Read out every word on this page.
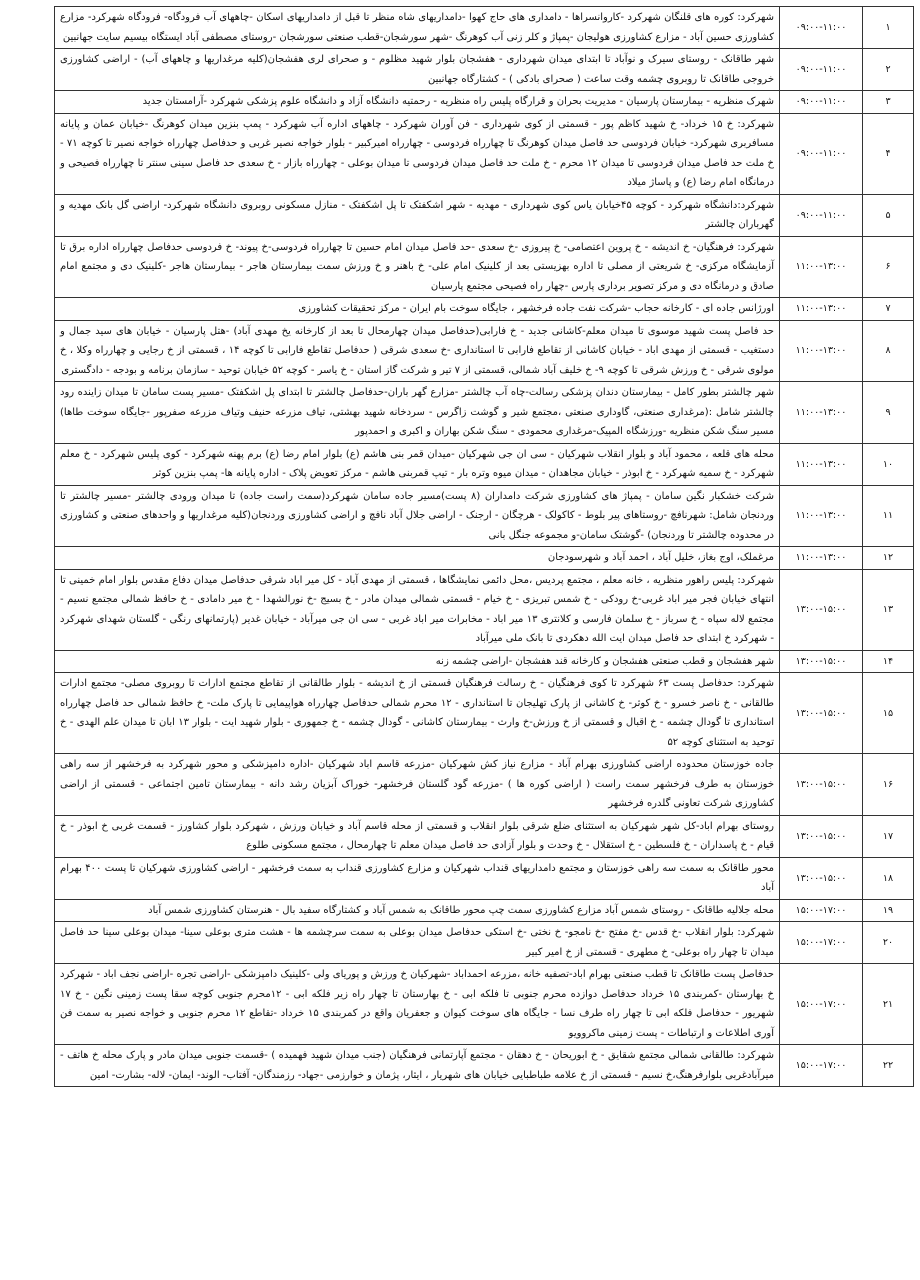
۱	۰۹:۰۰-۱۱:۰۰	شهرکرد: کوره های قلنگان شهرکرد -کاروانسراها - دامداری های حاج کهوا -دامداریهای شاه منظر تا قبل از دامداریهای اسکان -چاههای آب فرودگاه- فرودگاه شهرکرد- مزارع کشاورزی حسین آباد - مزارع کشاورزی هولیجان -پمپاژ و کلر زنی آب کوهرنگ -شهر سورشجان-قطب صنعتی سورشجان -روستای مصطفی آباد ایستگاه بیسیم سایت جهانبین
۲	۰۹:۰۰-۱۱:۰۰	شهر طاقانک - روستای سیرک و نوآباد تا ابتدای میدان شهرداری - هفشجان بلوار شهید مظلوم - و صحرای لری هفشجان(کلیه مرغداریها و چاههای آب) - اراضی کشاورزی خروجی طاقانک تا روبروی چشمه وقت ساعت ( صحرای بادکی ) - کشتارگاه جهانبین
۳	۰۹:۰۰-۱۱:۰۰	شهرک منظریه - بیمارستان پارسیان - مدیریت بحران و قرارگاه پلیس راه منظریه - رحمتیه دانشگاه آزاد و دانشگاه علوم پزشکی شهرکرد -آرامستان جدید
۴	۰۹:۰۰-۱۱:۰۰	شهرکرد: خ ۱۵ خرداد- خ شهید کاظم پور - قسمتی از کوی شهرداری - فن آوران شهرکرد - چاههای اداره آب شهرکرد - پمپ بنزین میدان کوهرنگ -خیابان عمان و پایانه مسافربری شهرکرد- خیابان فردوسی حد فاصل میدان کوهرنگ تا چهارراه فردوسی - چهارراه امیرکبیر - بلوار خواجه نصیر غربی و حدفاصل چهارراه خواجه نصیر تا کوچه ۷۱ - خ ملت حد فاصل میدان فردوسی تا میدان ۱۲ محرم - خ ملت حد فاصل میدان فردوسی تا میدان بوعلی - چهارراه بازار - خ سعدی حد فاصل سینی سنتر تا چهارراه فصیحی و درمانگاه امام رضا (ع) و پاساژ میلاد
۵	۰۹:۰۰-۱۱:۰۰	شهرکرد:دانشگاه شهرکرد - کوچه ۴۵خیابان یاس کوی شهرداری - مهدیه - شهر اشکفتک تا پل اشکفتک - منازل مسکونی روبروی دانشگاه شهرکرد- اراضی گل بانک مهدیه و گهرباران چالشتر
۶	۱۱:۰۰-۱۳:۰۰	شهرکرد: فرهنگیان- خ اندیشه - خ پروین اعتصامی- خ پیروزی -خ سعدی -حد فاصل میدان امام حسین تا چهارراه فردوسی-خ پیوند- خ فردوسی حدفاصل چهارراه اداره برق تا آزمایشگاه مرکزی- خ شریعتی از مصلی تا اداره بهزیستی بعد از کلینیک امام علی- خ باهنر و خ ورزش سمت بیمارستان هاجر - بیمارستان هاجر -کلینیک دی و مجتمع امام صادق و درمانگاه دی و مرکز تصویر برداری پارس -چهار راه فصیحی مجتمع پارسیان
۷	۱۱:۰۰-۱۳:۰۰	اورژانس جاده ای - کارخانه حجاب -شرکت نفت جاده فرخشهر ، جایگاه سوخت بام ایران - مرکز تحقیقات کشاورزی
۸	۱۱:۰۰-۱۳:۰۰	حد فاصل پست شهید موسوی تا میدان معلم-کاشانی جدید - خ فارابی(حدفاصل میدان چهارمحال تا بعد از کارخانه یخ مهدی آباد) -هتل پارسیان - خیابان های سید جمال و دستغیب - قسمتی از مهدی اباد - خیابان کاشانی از تقاطع فارابی تا استانداری -خ سعدی شرقی ( حدفاصل تقاطع فارابی تا کوچه ۱۴ ، قسمتی از خ رجایی و چهارراه وکلا ، خ مولوی شرقی - خ ورزش شرقی تا کوچه ۹- خ خلیف آباد شمالی، قسمتی از ۷ تیر و شرکت گاز استان - خ یاسر - کوچه ۵۲ خیابان توحید - سازمان برنامه و بودجه - دادگستری
۹	۱۱:۰۰-۱۳:۰۰	شهر چالشتر بطور کامل - بیمارستان دندان پزشکی رسالت-چاه آب چالشتر -مزارع گهر باران-حدفاصل چالشتر تا ابتدای پل اشکفتک -مسیر پست سامان تا میدان زاینده رود چالشتر شامل :(مرغداری صنعتی، گاوداری صنعتی ،مجتمع شیر و گوشت زاگرس - سردخانه شهید بهشتی، تیاف مزرعه حنیف وتیاف مزرعه صفرپور -جایگاه سوخت طاها) مسیر سنگ شکن منظریه -ورزشگاه المپیک-مرغداری محمودی - سنگ شکن بهاران و اکبری و احمدپور
۱۰	۱۱:۰۰-۱۳:۰۰	محله های قلعه ، محمود آباد و بلوار انقلاب شهرکیان - سی ان جی شهرکیان -میدان قمر بنی هاشم (ع) بلوار امام رضا (ع) برم پهنه شهرکرد - کوی پلیس شهرکرد - خ معلم شهرکرد - خ سمیه شهرکرد - خ ابوذر - خیابان مجاهدان - میدان میوه وتره بار - تیپ قمربنی هاشم - مرکز تعویض پلاک - اداره پایانه ها- پمپ بنزین کوثر
۱۱	۱۱:۰۰-۱۳:۰۰	شرکت خشکبار نگین سامان - پمپاژ های کشاورزی شرکت دامداران (۸ پست)مسیر جاده سامان شهرکرد(سمت راست جاده) تا میدان ورودی چالشتر -مسیر چالشتر تا وردنجان شامل: شهرنافچ -روستاهای پیر بلوط - کاکولک - هرچگان - ارجنک - اراضی جلال آباد نافچ و اراضی کشاورزی وردنجان(کلیه مرغداریها و واحدهای صنعتی و کشاورزی در محدوده چالشتر تا وردنجان) -گوشتک سامان-و مجموعه جنگل بانی
۱۲	۱۱:۰۰-۱۳:۰۰	مرغملک، اوج بغاز، خلیل آباد ، احمد آباد و شهرسودجان
۱۳	۱۳:۰۰-۱۵:۰۰	شهرکرد: پلیس راهور منظریه ، خانه معلم ، مجتمع پردیس ،محل دائمی نمایشگاها ، قسمتی از مهدی آباد - کل میر اباد شرقی حدفاصل میدان دفاع مقدس بلوار امام خمینی تا انتهای خیابان فجر میر اباد غربی-خ رودکی - خ شمس تبریزی - خ خیام - قسمتی شمالی میدان مادر - خ بسیج -خ نورالشهدا - خ میر دامادی - خ حافظ شمالی مجتمع نسیم - مجتمع لاله سپاه - خ سرباز - خ سلمان فارسی و کلانتری ۱۳ میر اباد - مخابرات میر اباد غربی - سی ان جی میرآباد - خیابان غدیر (پارتمانهای رنگی - گلستان شهدای شهرکرد - شهرکرد خ ابتدای حد فاصل میدان ایت الله دهکردی تا بانک ملی میرآباد
۱۴	۱۳:۰۰-۱۵:۰۰	شهر هفشجان و قطب صنعتی هفشجان و کارخانه قند هفشجان -اراضی چشمه زنه
۱۵	۱۳:۰۰-۱۵:۰۰	شهرکرد: حدفاصل پست ۶۳ شهرکرد تا کوی فرهنگیان - خ رسالت فرهنگیان قسمتی از خ اندیشه - بلوار طالقانی از تقاطع مجتمع ادارات تا روبروی مصلی- مجتمع ادارات طالقانی - خ ناصر خسرو - خ کوثر- خ کاشانی از پارک تهلیجان تا استانداری - ۱۲ محرم شمالی حدفاصل چهارراه هواپیمایی تا پارک ملت- خ حافظ شمالی حد فاصل چهارراه استانداری تا گودال چشمه - خ اقبال و قسمتی از خ ورزش-خ وارث - بیمارستان کاشانی - گودال چشمه - خ جمهوری - بلوار شهید ایت - بلوار ۱۳ ابان تا میدان علم الهدی - خ توحید به استثنای کوچه ۵۲
۱۶	۱۳:۰۰-۱۵:۰۰	جاده خوزستان محدوده اراضی کشاورزی بهرام آباد - مزارع نیاز کش شهرکیان -مزرعه قاسم اباد شهرکیان -اداره دامپزشکی و محور شهرکرد به فرخشهر از سه راهی خوزستان به طرف فرخشهر سمت راست ( اراضی کوره ها ) -مزرعه گود گلستان فرخشهر- خوراک آبزیان رشد دانه - بیمارستان تامین اجتماعی - قسمتی از اراضی کشاورزی شرکت تعاونی گلدره فرخشهر
۱۷	۱۳:۰۰-۱۵:۰۰	روستای بهرام اباد-کل شهر شهرکیان به استثنای ضلع شرقی بلوار انقلاب و قسمتی از محله قاسم آباد و خیابان ورزش ، شهرکرد بلوار کشاورز - قسمت غربی خ ابوذر - خ قیام - خ پاسداران - خ فلسطین - خ استقلال - خ وحدت و بلوار آزادی حد فاصل میدان معلم تا چهارمحال ، مجتمع مسکونی طلوع
۱۸	۱۳:۰۰-۱۵:۰۰	محور طاقانک به سمت سه راهی خوزستان و مجتمع دامداریهای قنداب شهرکیان و مزارع کشاورزی قنداب به سمت فرخشهر - اراضی کشاورزی شهرکیان تا پست ۴۰۰ بهرام آباد
۱۹	۱۵:۰۰-۱۷:۰۰	محله جلالیه طاقانک - روستای شمس آباد مزارع کشاورزی سمت چپ محور طاقانک به شمس آباد و کشتارگاه سفید بال - هنرستان کشاورزی شمس آباد
۲۰	۱۵:۰۰-۱۷:۰۰	شهرکرد: بلوار انقلاب -خ قدس -خ مفتح -خ نامجو- خ نختی -خ استکی حدفاصل میدان بوعلی به سمت سرچشمه ها - هشت متری بوعلی سینا- میدان بوعلی سینا حد فاصل میدان تا چهار راه بوعلی- خ مطهری - قسمتی از خ امیر کبیر
۲۱	۱۵:۰۰-۱۷:۰۰	حدفاصل پست طاقانک تا قطب صنعتی بهرام اباد-تصفیه خانه ،مزرعه احمداباد -شهرکیان خ ورزش و پوریای ولی -کلینیک دامپزشکی -اراضی تجره -اراضی نجف اباد - شهرکرد خ بهارستان -کمربندی ۱۵ خرداد حدفاصل دوازده محرم جنوبی تا فلکه ابی - خ بهارستان تا چهار راه زیر فلکه ابی - ۱۲محرم جنوبی کوچه سقا پست زمینی نگین - خ ۱۷ شهریور - حدفاصل فلکه ابی تا چهار راه طرف نسا - جایگاه های سوخت کیوان و جعفریان واقع در کمربندی ۱۵ خرداد -تقاطع ۱۲ محرم جنوبی و خواجه نصیر به سمت فن آوری اطلاعات و ارتباطات - پست زمینی ماکروویو
۲۲	۱۵:۰۰-۱۷:۰۰	شهرکرد: طالقانی شمالی مجتمع شقایق - خ ابوریحان - خ دهقان - مجتمع آپارتمانی فرهنگیان (جنب میدان شهید فهمیده ) -قسمت جنوبی میدان مادر و پارک محله خ هاتف - میرآبادغربی بلوارفرهنگ،خ نسیم - قسمتی از خ علامه طباطبایی خیابان های شهریار ، ایثار، پژمان و خوارزمی -جهاد- رزمندگان- آفتاب- الوند- ایمان- لاله- بشارت- امین
